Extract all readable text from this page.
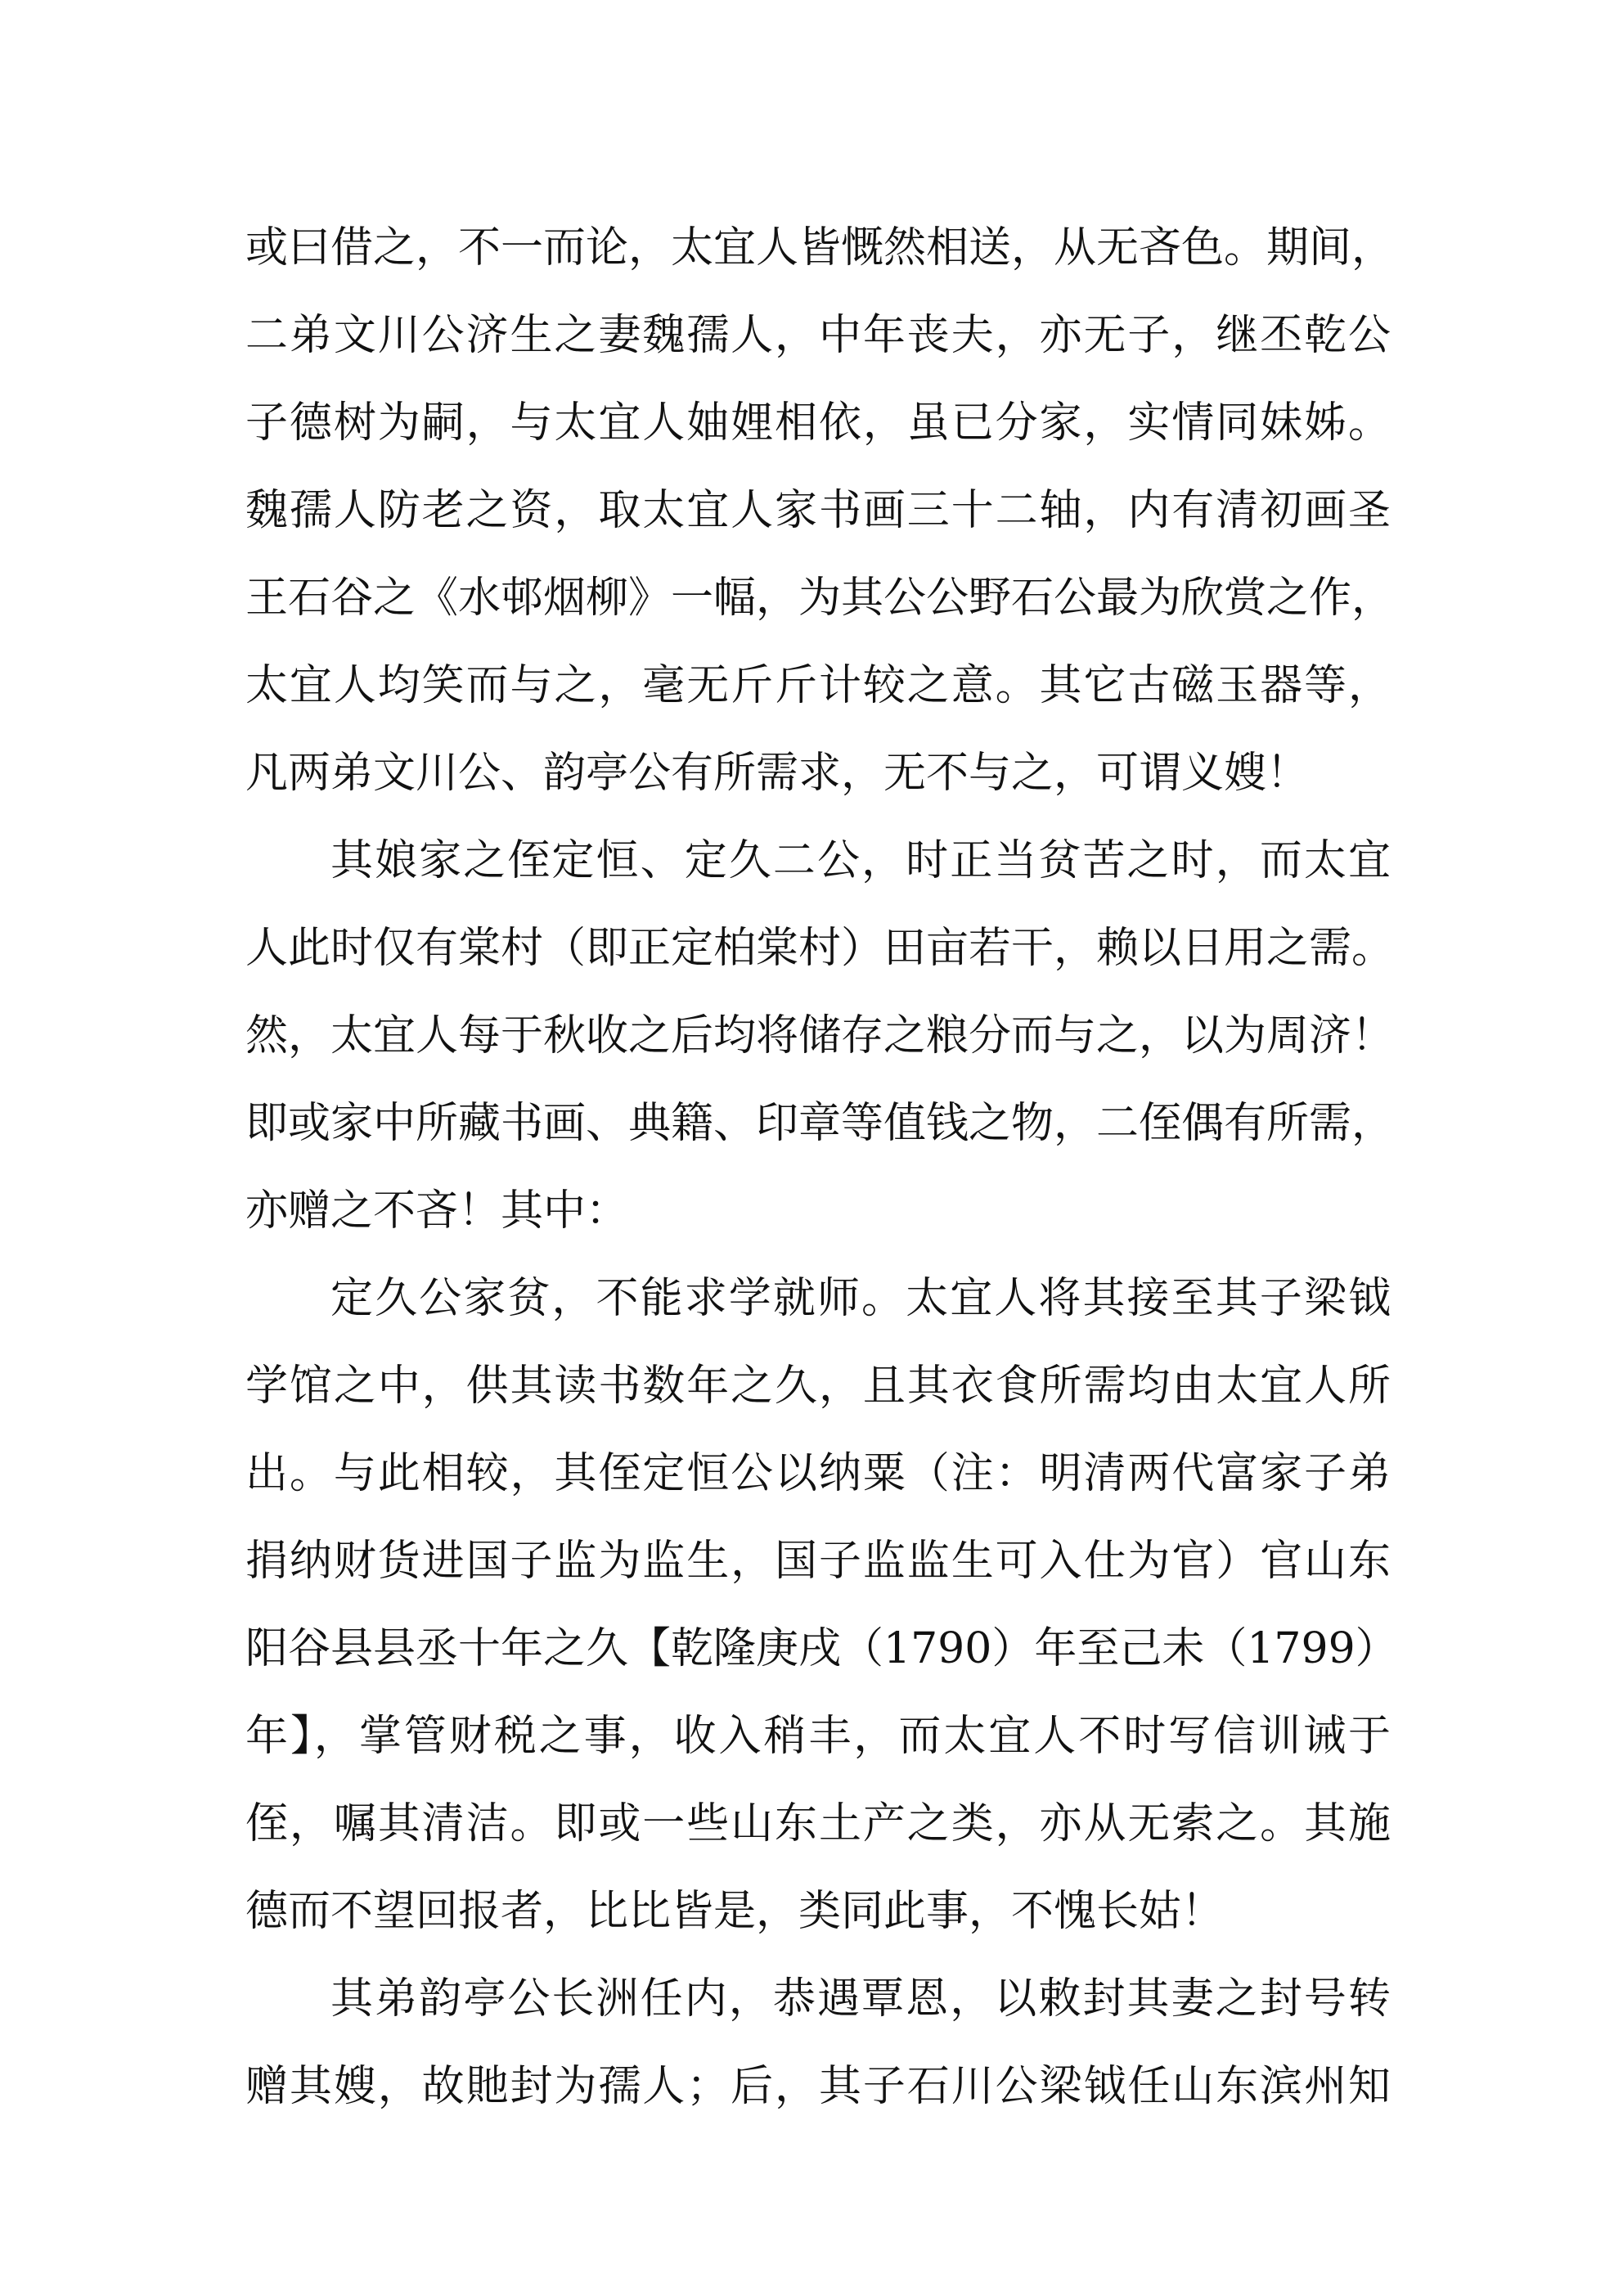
或曰借之，不一而论，太宜人皆慨然相送，从无吝色。期间，
二弟文川公济生之妻魏孺人，中年丧夫，亦无子，继丕乾公
子德树为嗣，与太宜人妯娌相依，虽已分家，实情同妹姊。
魏孺人防老之资，取太宜人家书画三十二轴，内有清初画圣
王石谷之《水邨烟柳》一幅，为其公公野石公最为欣赏之作，
太宜人均笑而与之，毫无斤斤计较之意。其它古磁玉器等，
凡两弟文川公、韵亭公有所需求，无不与之，可谓义嫂！
其娘家之侄定恒、定久二公，时正当贫苦之时，而太宜
人此时仅有棠村（即正定柏棠村）田亩若干，赖以日用之需。
然，太宜人每于秋收之后均将储存之粮分而与之，以为周济！
即或家中所藏书画、典籍、印章等值钱之物，二侄偶有所需，
亦赠之不吝！其中：
定久公家贫，不能求学就师。太宜人将其接至其子梁钺
学馆之中，供其读书数年之久，且其衣食所需均由太宜人所
出。与此相较，其侄定恒公以纳粟（注：明清两代富家子弟
捐纳财货进国子监为监生，国子监监生可入仕为官）官山东
阳谷县县丞十年之久【乾隆庚戌（1790）年至己未（1799）
年】，掌管财税之事，收入稍丰，而太宜人不时写信训诫于
侄，嘱其清洁。即或一些山东土产之类，亦从无索之。其施
德而不望回报者，比比皆是，类同此事，不愧长姑！
其弟韵亭公长洲任内，恭遇覃恩，以敕封其妻之封号转
赠其嫂，故貤封为孺人；后，其子石川公梁钺任山东滨州知
